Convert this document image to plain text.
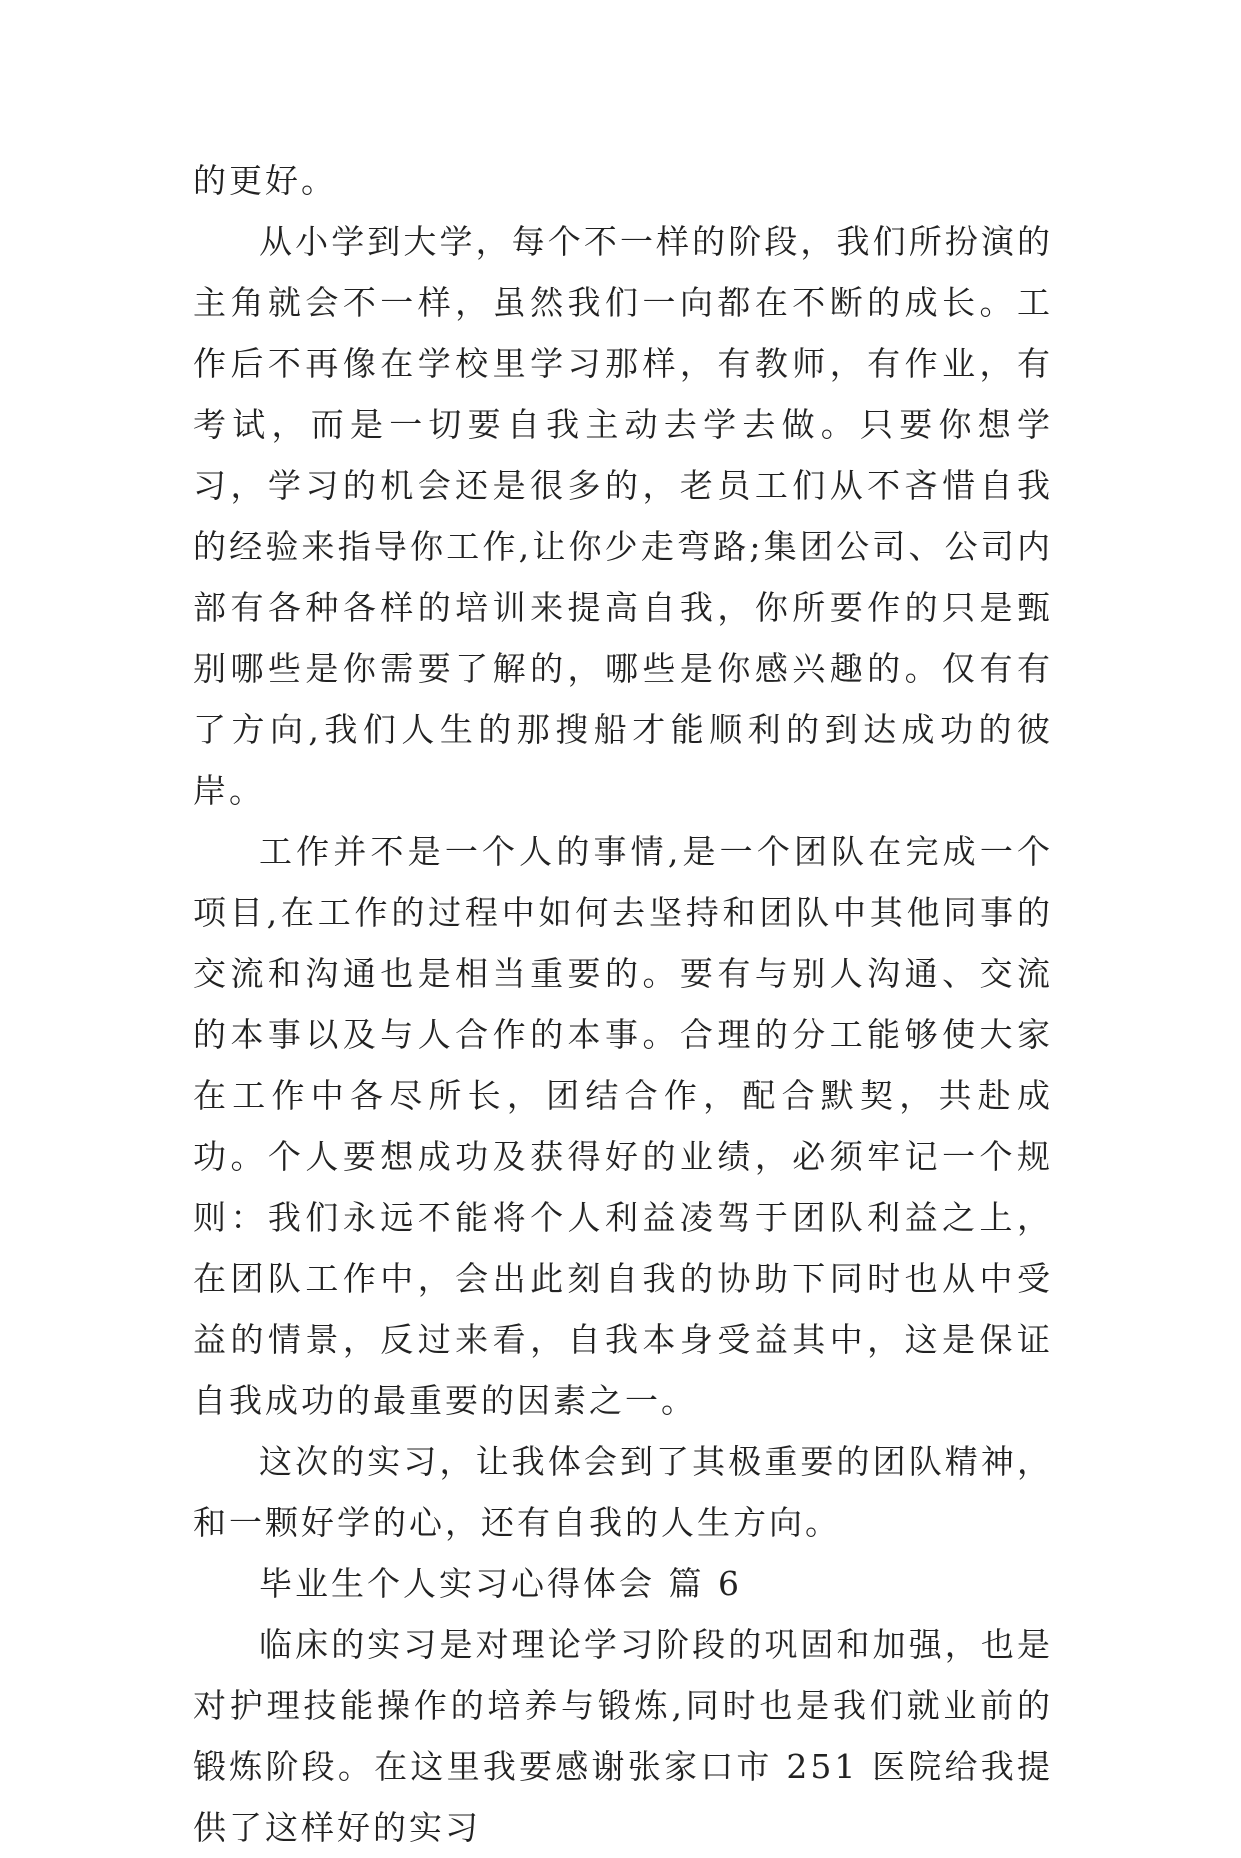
的更好。

从小学到大学，每个不一样的阶段，我们所扮演的主角就会不一样，虽然我们一向都在不断的成长。工作后不再像在学校里学习那样，有教师，有作业，有考试，而是一切要自我主动去学去做。只要你想学习，学习的机会还是很多的，老员工们从不吝惜自我的经验来指导你工作,让你少走弯路;集团公司、公司内部有各种各样的培训来提高自我，你所要作的只是甄别哪些是你需要了解的，哪些是你感兴趣的。仅有有了方向,我们人生的那搜船才能顺利的到达成功的彼岸。

工作并不是一个人的事情,是一个团队在完成一个项目,在工作的过程中如何去坚持和团队中其他同事的交流和沟通也是相当重要的。要有与别人沟通、交流的本事以及与人合作的本事。合理的分工能够使大家在工作中各尽所长，团结合作，配合默契，共赴成功。个人要想成功及获得好的业绩，必须牢记一个规则：我们永远不能将个人利益凌驾于团队利益之上，在团队工作中，会出此刻自我的协助下同时也从中受益的情景，反过来看，自我本身受益其中，这是保证自我成功的最重要的因素之一。

这次的实习，让我体会到了其极重要的团队精神，和一颗好学的心，还有自我的人生方向。

毕业生个人实习心得体会 篇 6

临床的实习是对理论学习阶段的巩固和加强，也是对护理技能操作的培养与锻炼,同时也是我们就业前的锻炼阶段。在这里我要感谢张家口市 251 医院给我提供了这样好的实习
